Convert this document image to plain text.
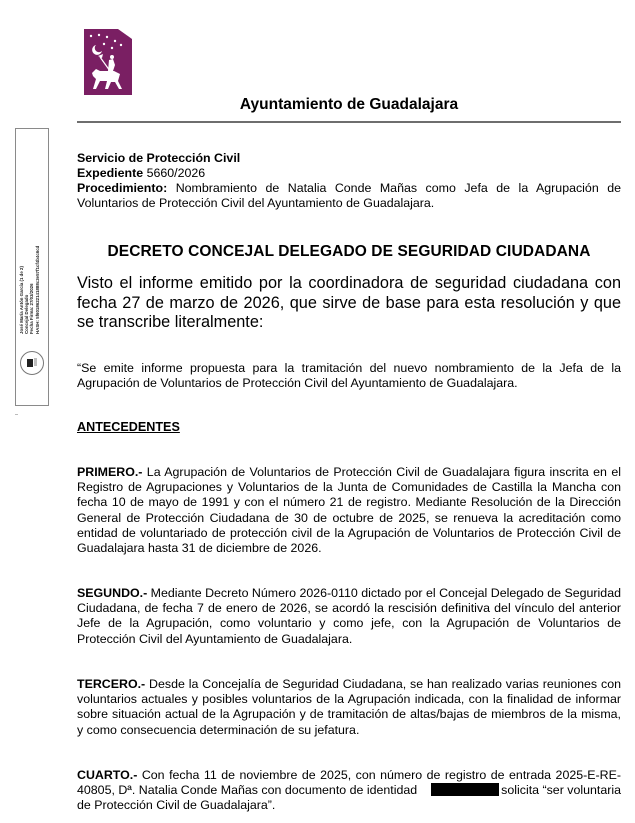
José María Antón García (1 de 2) Concejal Delegado Fecha Firma: 27/03/2026 HASH: 5f6018622141888c3e57f1cf4b4c6cd
Ayuntamiento de Guadalajara
Servicio de Protección Civil
Expediente 5660/2026
Procedimiento: Nombramiento de Natalia Conde Mañas como Jefa de la Agrupación de Voluntarios de Protección Civil del Ayuntamiento de Guadalajara.
DECRETO CONCEJAL DELEGADO DE SEGURIDAD CIUDADANA
Visto el informe emitido por la coordinadora de seguridad ciudadana con fecha 27 de marzo de 2026, que sirve de base para esta resolución y que se transcribe literalmente:
“Se emite informe propuesta para la tramitación del nuevo nombramiento de la Jefa de la Agrupación de Voluntarios de Protección Civil del Ayuntamiento de Guadalajara.
ANTECEDENTES
PRIMERO.- La Agrupación de Voluntarios de Protección Civil de Guadalajara figura inscrita en el Registro de Agrupaciones y Voluntarios de la Junta de Comunidades de Castilla la Mancha con fecha 10 de mayo de 1991 y con el número 21 de registro. Mediante Resolución de la Dirección General de Protección Ciudadana de 30 de octubre de 2025, se renueva la acreditación como entidad de voluntariado de protección civil de la Agrupación de Voluntarios de Protección Civil de Guadalajara hasta 31 de diciembre de 2026.
SEGUNDO.- Mediante Decreto Número 2026-0110 dictado por el Concejal Delegado de Seguridad Ciudadana, de fecha 7 de enero de 2026, se acordó la rescisión definitiva del vínculo del anterior Jefe de la Agrupación, como voluntario y como jefe, con la Agrupación de Voluntarios de Protección Civil del Ayuntamiento de Guadalajara.
TERCERO.- Desde la Concejalía de Seguridad Ciudadana, se han realizado varias reuniones con voluntarios actuales y posibles voluntarios de la Agrupación indicada, con la finalidad de informar sobre situación actual de la Agrupación y de tramitación de altas/bajas de miembros de la misma, y como consecuencia determinación de su jefatura.
CUARTO.- Con fecha 11 de noviembre de 2025, con número de registro de entrada 2025-E-RE-40805, Dª. Natalia Conde Mañas con documento de identidad	solicita “ser voluntaria de Protección Civil de Guadalajara”.
